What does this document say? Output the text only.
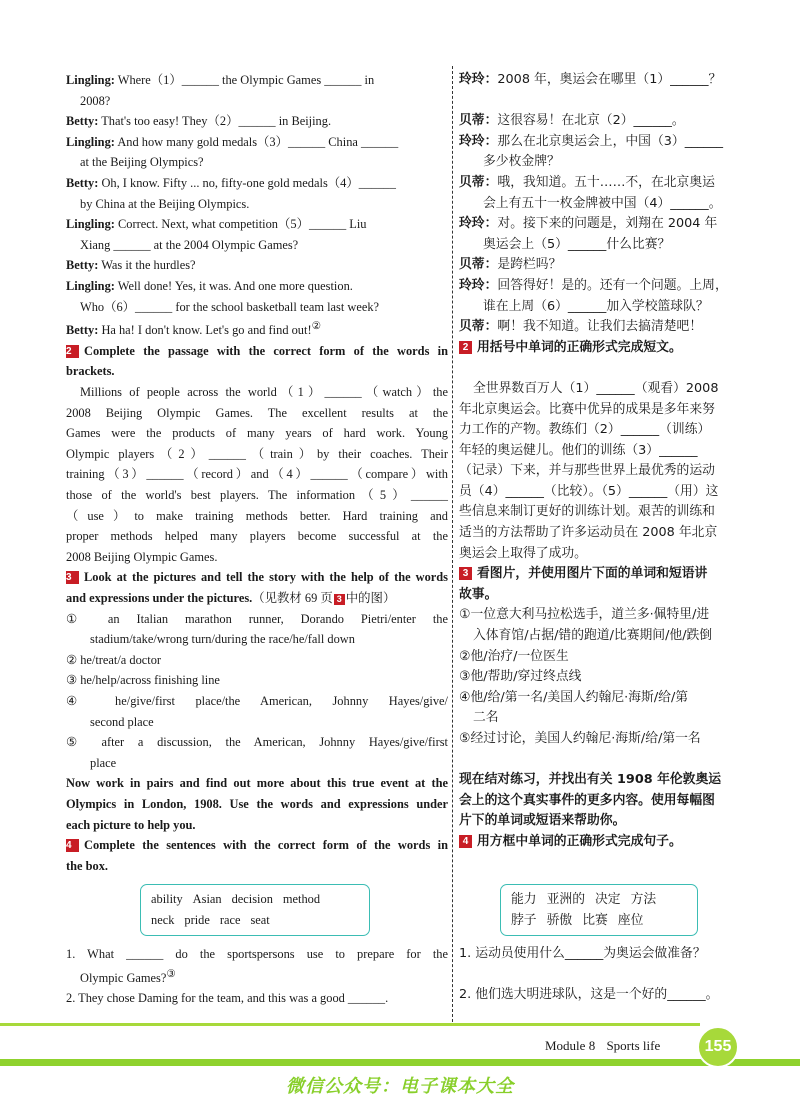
Lingling: Where（1）______ the Olympic Games ______ in
2008?
Betty: That's too easy! They（2）______ in Beijing.
Lingling: And how many gold medals（3）______ China ______
at the Beijing Olympics?
Betty: Oh, I know. Fifty ... no, fifty-one gold medals（4）______
by China at the Beijing Olympics.
Lingling: Correct. Next, what competition（5）______ Liu
Xiang ______ at the 2004 Olympic Games?
Betty: Was it the hurdles?
Lingling: Well done! Yes, it was. And one more question.
Who（6）______ for the school basketball team last week?
Betty: Ha ha! I don't know. Let's go and find out!②
2 Complete the passage with the correct form of the words in
brackets.
Millions of people across the world（1）______（watch）the
2008 Beijing Olympic Games. The excellent results at the
Games were the products of many years of hard work. Young
Olympic players（2）______（train）by their coaches. Their
training（3）______（record）and（4）______（compare）with
those of the world's best players. The information（5）______
（use）to make training methods better. Hard training and
proper methods helped many players become successful at the
2008 Beijing Olympic Games.
3 Look at the pictures and tell the story with the help of the words
and expressions under the pictures.（见教材 69 页 3 中的图）
① an Italian marathon runner, Dorando Pietri/enter the
stadium/take/wrong turn/during the race/he/fall down
② he/treat/a doctor
③ he/help/across finishing line
④ he/give/first place/the American, Johnny Hayes/give/
second place
⑤ after a discussion, the American, Johnny Hayes/give/first
place
Now work in pairs and find out more about this true event at the
Olympics in London, 1908. Use the words and expressions under
each picture to help you.
4 Complete the sentences with the correct form of the words in
the box.
玲玲：2008 年，奥运会在哪里（1）______？

贝蒂：这很容易！在北京（2）______。
玲玲：那么在北京奥运会上，中国（3）______
多少枚金牌？
贝蒂：哦，我知道。五十……不，在北京奥运
会上有五十一枚金牌被中国（4）______。
玲玲：对。接下来的问题是，刘翔在 2004 年
奥运会上（5）______什么比赛？
贝蒂：是跨栏吗？
玲玲：回答得好！是的。还有一个问题。上周，
谁在上周（6）______加入学校篮球队？
贝蒂：啊！我不知道。让我们去搞清楚吧！
2 用括号中单词的正确形式完成短文。

全世界数百万人（1）______（观看）2008
年北京奥运会。比赛中优异的成果是多年来努
力工作的产物。教练们（2）______（训练）
年轻的奥运健儿。他们的训练（3）______
（记录）下来，并与那些世界上最优秀的运动
员（4）______（比较）。（5）______（用）这
些信息来制订更好的训练计划。艰苦的训练和
适当的方法帮助了许多运动员在 2008 年北京
奥运会上取得了成功。
3 看图片，并使用图片下面的单词和短语讲
故事。
①一位意大利马拉松选手，道兰多·佩特里/进
入体育馆/占据/错的跑道/比赛期间/他/跌倒
②他/治疗/一位医生
③他/帮助/穿过终点线
④他/给/第一名/美国人约翰尼·海斯/给/第
二名
⑤经过讨论，美国人约翰尼·海斯/给/第一名

现在结对练习，并找出有关 1908 年伦敦奥运
会上的这个真实事件的更多内容。使用每幅图
片下的单词或短语来帮助你。
4 用方框中单词的正确形式完成句子。
ability Asian decision method
neck pride race seat
能力 亚洲的 决定 方法
脖子 骄傲 比赛 座位
1. What ______ do the sportspersons use to prepare for the
Olympic Games?③
2. They chose Daming for the team, and this was a good ______.
1. 运动员使用什么______为奥运会做准备？

2. 他们选大明进球队，这是一个好的______。
Module 8 Sports life	155
微信公众号：电子课本大全
